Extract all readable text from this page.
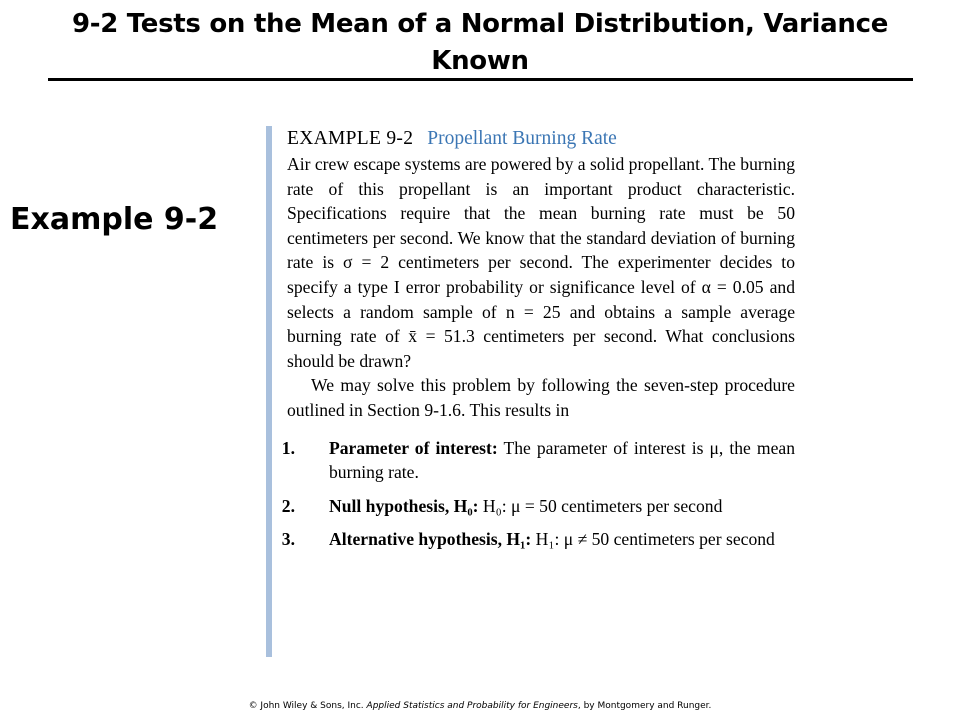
9-2 Tests on the Mean of a Normal Distribution, Variance
Known
Example 9-2
EXAMPLE 9-2 Propellant Burning Rate

Air crew escape systems are powered by a solid propellant. The burning rate of this propellant is an important product characteristic. Specifications require that the mean burning rate must be 50 centimeters per second. We know that the standard deviation of burning rate is σ = 2 centimeters per second. The experimenter decides to specify a type I error probability or significance level of α = 0.05 and selects a random sample of n = 25 and obtains a sample average burning rate of x̄ = 51.3 centimeters per second. What conclusions should be drawn?

We may solve this problem by following the seven-step procedure outlined in Section 9-1.6. This results in

1.	Parameter of interest: The parameter of interest is μ, the mean burning rate.
2.	Null hypothesis, H₀: H₀: μ = 50 centimeters per second
3.	Alternative hypothesis, H₁: H₁: μ ≠ 50 centimeters per second
© John Wiley & Sons, Inc. Applied Statistics and Probability for Engineers, by Montgomery and Runger.
